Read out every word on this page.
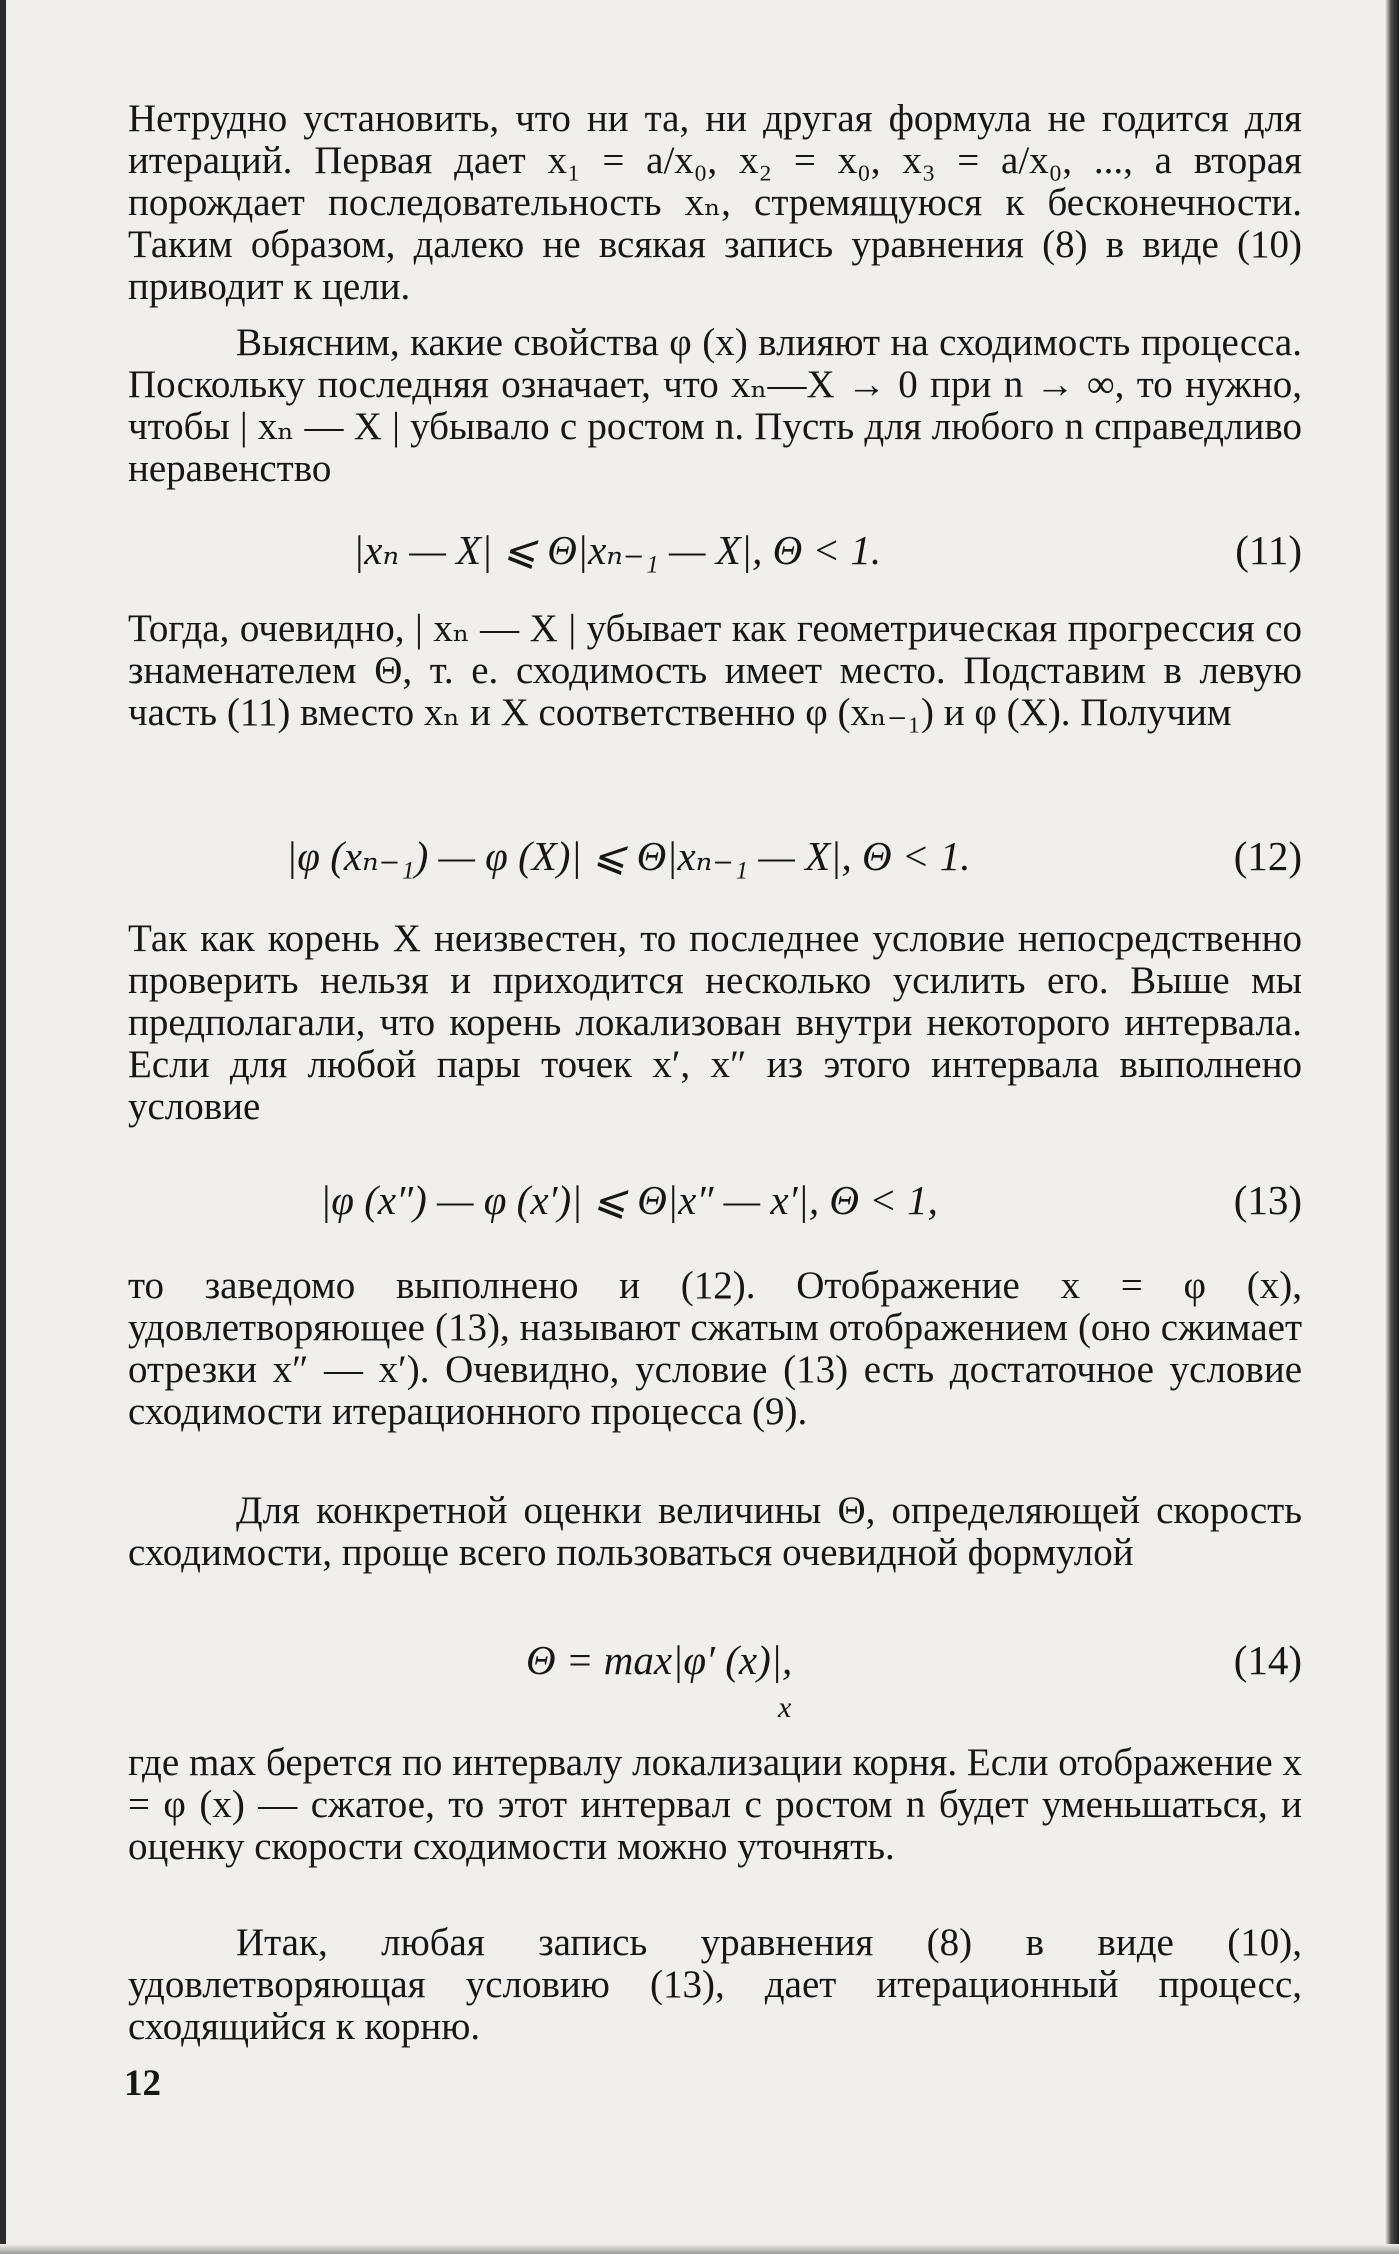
Нетрудно установить, что ни та, ни другая формула не годится для итераций. Первая дает x₁ = a/x₀, x₂ = x₀, x₃ = a/x₀, ..., а вторая порождает последовательность xₙ, стремящуюся к бесконечности. Таким образом, далеко не всякая запись уравнения (8) в виде (10) приводит к цели.

Выясним, какие свойства φ (x) влияют на сходимость процесса. Поскольку последняя означает, что xₙ—X → 0 при n → ∞, то нужно, чтобы | xₙ — X | убывало с ростом n. Пусть для любого n справедливо неравенство

|xₙ — X| ⩽ Θ|xₙ₋₁ — X|, Θ < 1.	(11)

Тогда, очевидно, | xₙ — X | убывает как геометрическая прогрессия со знаменателем Θ, т. е. сходимость имеет место. Подставим в левую часть (11) вместо xₙ и X соответственно φ (xₙ₋₁) и φ (X). Получим

|φ (xₙ₋₁) — φ (X)| ⩽ Θ|xₙ₋₁ — X|, Θ < 1.	(12)

Так как корень X неизвестен, то последнее условие непосредственно проверить нельзя и приходится несколько усилить его. Выше мы предполагали, что корень локализован внутри некоторого интервала. Если для любой пары точек x′, x″ из этого интервала выполнено условие

|φ (x″) — φ (x′)| ⩽ Θ|x″ — x′|, Θ < 1,	(13)

то заведомо выполнено и (12). Отображение x = φ (x), удовлетворяющее (13), называют сжатым отображением (оно сжимает отрезки x″ — x′). Очевидно, условие (13) есть достаточное условие сходимости итерационного процесса (9).

Для конкретной оценки величины Θ, определяющей скорость сходимости, проще всего пользоваться очевидной формулой

Θ = max|φ′ (x)|,
x
(14)

где max берется по интервалу локализации корня. Если отображение x = φ (x) — сжатое, то этот интервал с ростом n будет уменьшаться, и оценку скорости сходимости можно уточнять.

Итак, любая запись уравнения (8) в виде (10), удовлетворяющая условию (13), дает итерационный процесс, сходящийся к корню.

12
